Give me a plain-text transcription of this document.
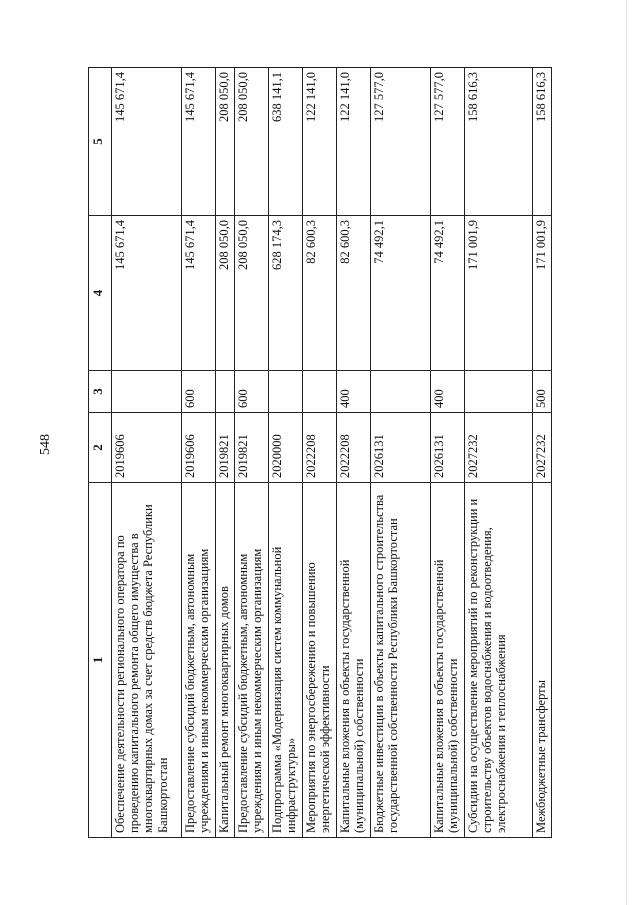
548
1	2	3	4	5
Обеспечение деятельности регионального оператора по проведению капитального ремонта общего имущества в многоквартирных домах за счет средств бюджета Республики Башкортостан	2019606		145 671,4	145 671,4
Предоставление субсидий бюджетным, автономным учреждениям и иным некоммерческим организациям	2019606	600	145 671,4	145 671,4
Капитальный ремонт многоквартирных домов	2019821		208 050,0	208 050,0
Предоставление субсидий бюджетным, автономным учреждениям и иным некоммерческим организациям	2019821	600	208 050,0	208 050,0
Подпрограмма «Модернизация систем коммунальной инфраструктуры»	2020000		628 174,3	638 141,1
Мероприятия по энергосбережению и повышению энергетической эффективности	2022208		82 600,3	122 141,0
Капитальные вложения в объекты государственной (муниципальной) собственности	2022208	400	82 600,3	122 141,0
Бюджетные инвестиции в объекты капитального строительства государственной собственности Республики Башкортостан	2026131		74 492,1	127 577,0
Капитальные вложения в объекты государственной (муниципальной) собственности	2026131	400	74 492,1	127 577,0
Субсидии на осуществление мероприятий по реконструкции и строительству объектов водоснабжения и водоотведения, электроснабжения и теплоснабжения	2027232		171 001,9	158 616,3
Межбюджетные трансферты	2027232	500	171 001,9	158 616,3
